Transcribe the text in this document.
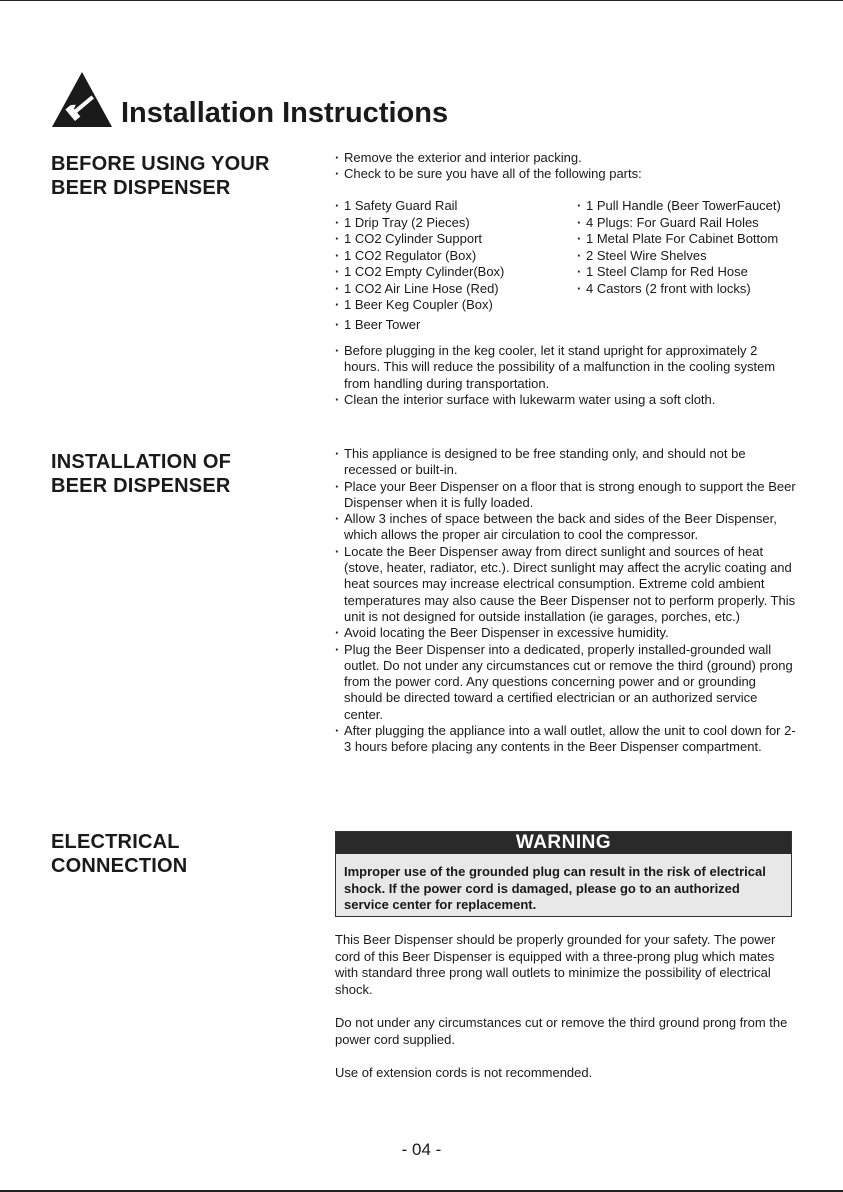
Installation Instructions
BEFORE USING YOUR
BEER DISPENSER
· Remove the exterior and interior packing.
· Check to be sure you have all of the following parts:
· 1 Safety Guard Rail
· 1 Drip Tray (2 Pieces)
· 1 CO2 Cylinder Support
· 1 CO2 Regulator (Box)
· 1 CO2 Empty Cylinder(Box)
· 1 CO2 Air Line Hose (Red)
· 1 Beer Keg Coupler (Box)
· 1 Beer Tower
· 1 Pull Handle (Beer TowerFaucet)
· 4 Plugs: For Guard Rail Holes
· 1 Metal Plate For Cabinet Bottom
· 2 Steel Wire Shelves
· 1 Steel Clamp for Red Hose
· 4 Castors (2 front with locks)
· Before plugging in the keg cooler, let it stand upright for approximately 2 hours. This will reduce the possibility of a malfunction in the cooling system from handling during transportation.
· Clean the interior surface with lukewarm water using a soft cloth.
INSTALLATION OF
BEER DISPENSER
· This appliance is designed to be free standing only, and should not be recessed or built-in.
· Place your Beer Dispenser on a floor that is strong enough to support the Beer Dispenser when it is fully loaded.
· Allow 3 inches of space between the back and sides of the Beer Dispenser, which allows the proper air circulation to cool the compressor.
· Locate the Beer Dispenser away from direct sunlight and sources of heat (stove, heater, radiator, etc.). Direct sunlight may affect the acrylic coating and heat sources may increase electrical consumption. Extreme cold ambient temperatures may also cause the Beer Dispenser not to perform properly. This unit is not designed for outside installation (ie garages, porches, etc.)
· Avoid locating the Beer Dispenser in excessive humidity.
· Plug the Beer Dispenser into a dedicated, properly installed-grounded wall outlet. Do not under any circumstances cut or remove the third (ground) prong from the power cord. Any questions concerning power and or grounding should be directed toward a certified electrician or an authorized service center.
· After plugging the appliance into a wall outlet, allow the unit to cool down for 2-3 hours before placing any contents in the Beer Dispenser compartment.
ELECTRICAL
CONNECTION
WARNING
Improper use of the grounded plug can result in the risk of electrical shock. If the power cord is damaged, please go to an authorized service center for replacement.
This Beer Dispenser should be properly grounded for your safety. The power cord of this Beer Dispenser is equipped with a three-prong plug which mates with standard three prong wall outlets to minimize the possibility of electrical shock.
Do not under any circumstances cut or remove the third ground prong from the power cord supplied.
Use of extension cords is not recommended.
- 04 -
